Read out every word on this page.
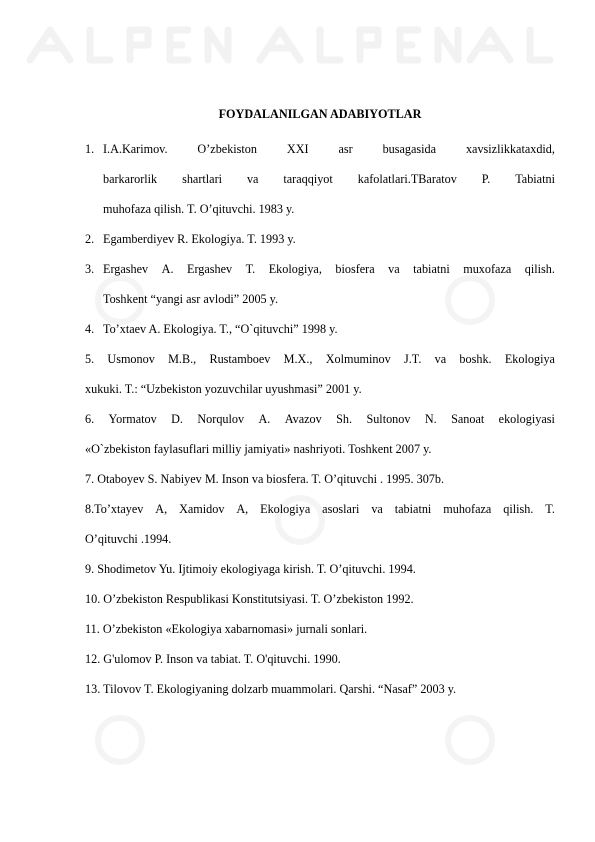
FOYDALANILGAN ADABIYOTLAR
1. I.A.Karimov. O’zbekiston XXI asr busagasida xavsizlikkataxdid,
barkarorlik shartlari va taraqqiyot kafolatlari.TBaratov P. Tabiatni
muhofaza qilish. T. O’qituvchi. 1983 y.
2. Egamberdiyev R. Ekologiya. T. 1993 y.
3. Ergashev A. Ergashev T. Ekologiya, biosfera va tabiatni muxofaza qilish.
Toshkent “yangi asr avlodi” 2005 y.
4. To’xtaev A. Ekologiya. T., “O`qituvchi” 1998 y.
5. Usmonov M.B., Rustamboev M.X., Xolmuminov J.T. va boshk. Ekologiya
xukuki. T.: “Uzbekiston yozuvchilar uyushmasi” 2001 y.
6. Yormatov D. Norqulov A. Avazov Sh. Sultonov N. Sanoat ekologiyasi
«O`zbekiston faylasuflari milliy jamiyati» nashriyoti. Toshkent 2007 y.
7. Otaboyev S. Nabiyev M. Inson va biosfera. T. O’qituvchi . 1995. 307b.
8.To’xtayev A, Xamidov A, Ekologiya asoslari va tabiatni muhofaza qilish. T.
O’qituvchi .1994.
9. Shodimetov Yu. Ijtimoiy ekologiyaga kirish. T. O’qituvchi. 1994.
10. O’zbekiston Respublikasi Konstitutsiyasi. T. O’zbekiston 1992.
11. O’zbekiston «Ekologiya xabarnomasi» jurnali sonlari.
12. G'ulomov P. Inson va tabiat. T. O'qituvchi. 1990.
13. Tilovov T. Ekologiyaning dolzarb muammolari. Qarshi. “Nasaf” 2003 y.
